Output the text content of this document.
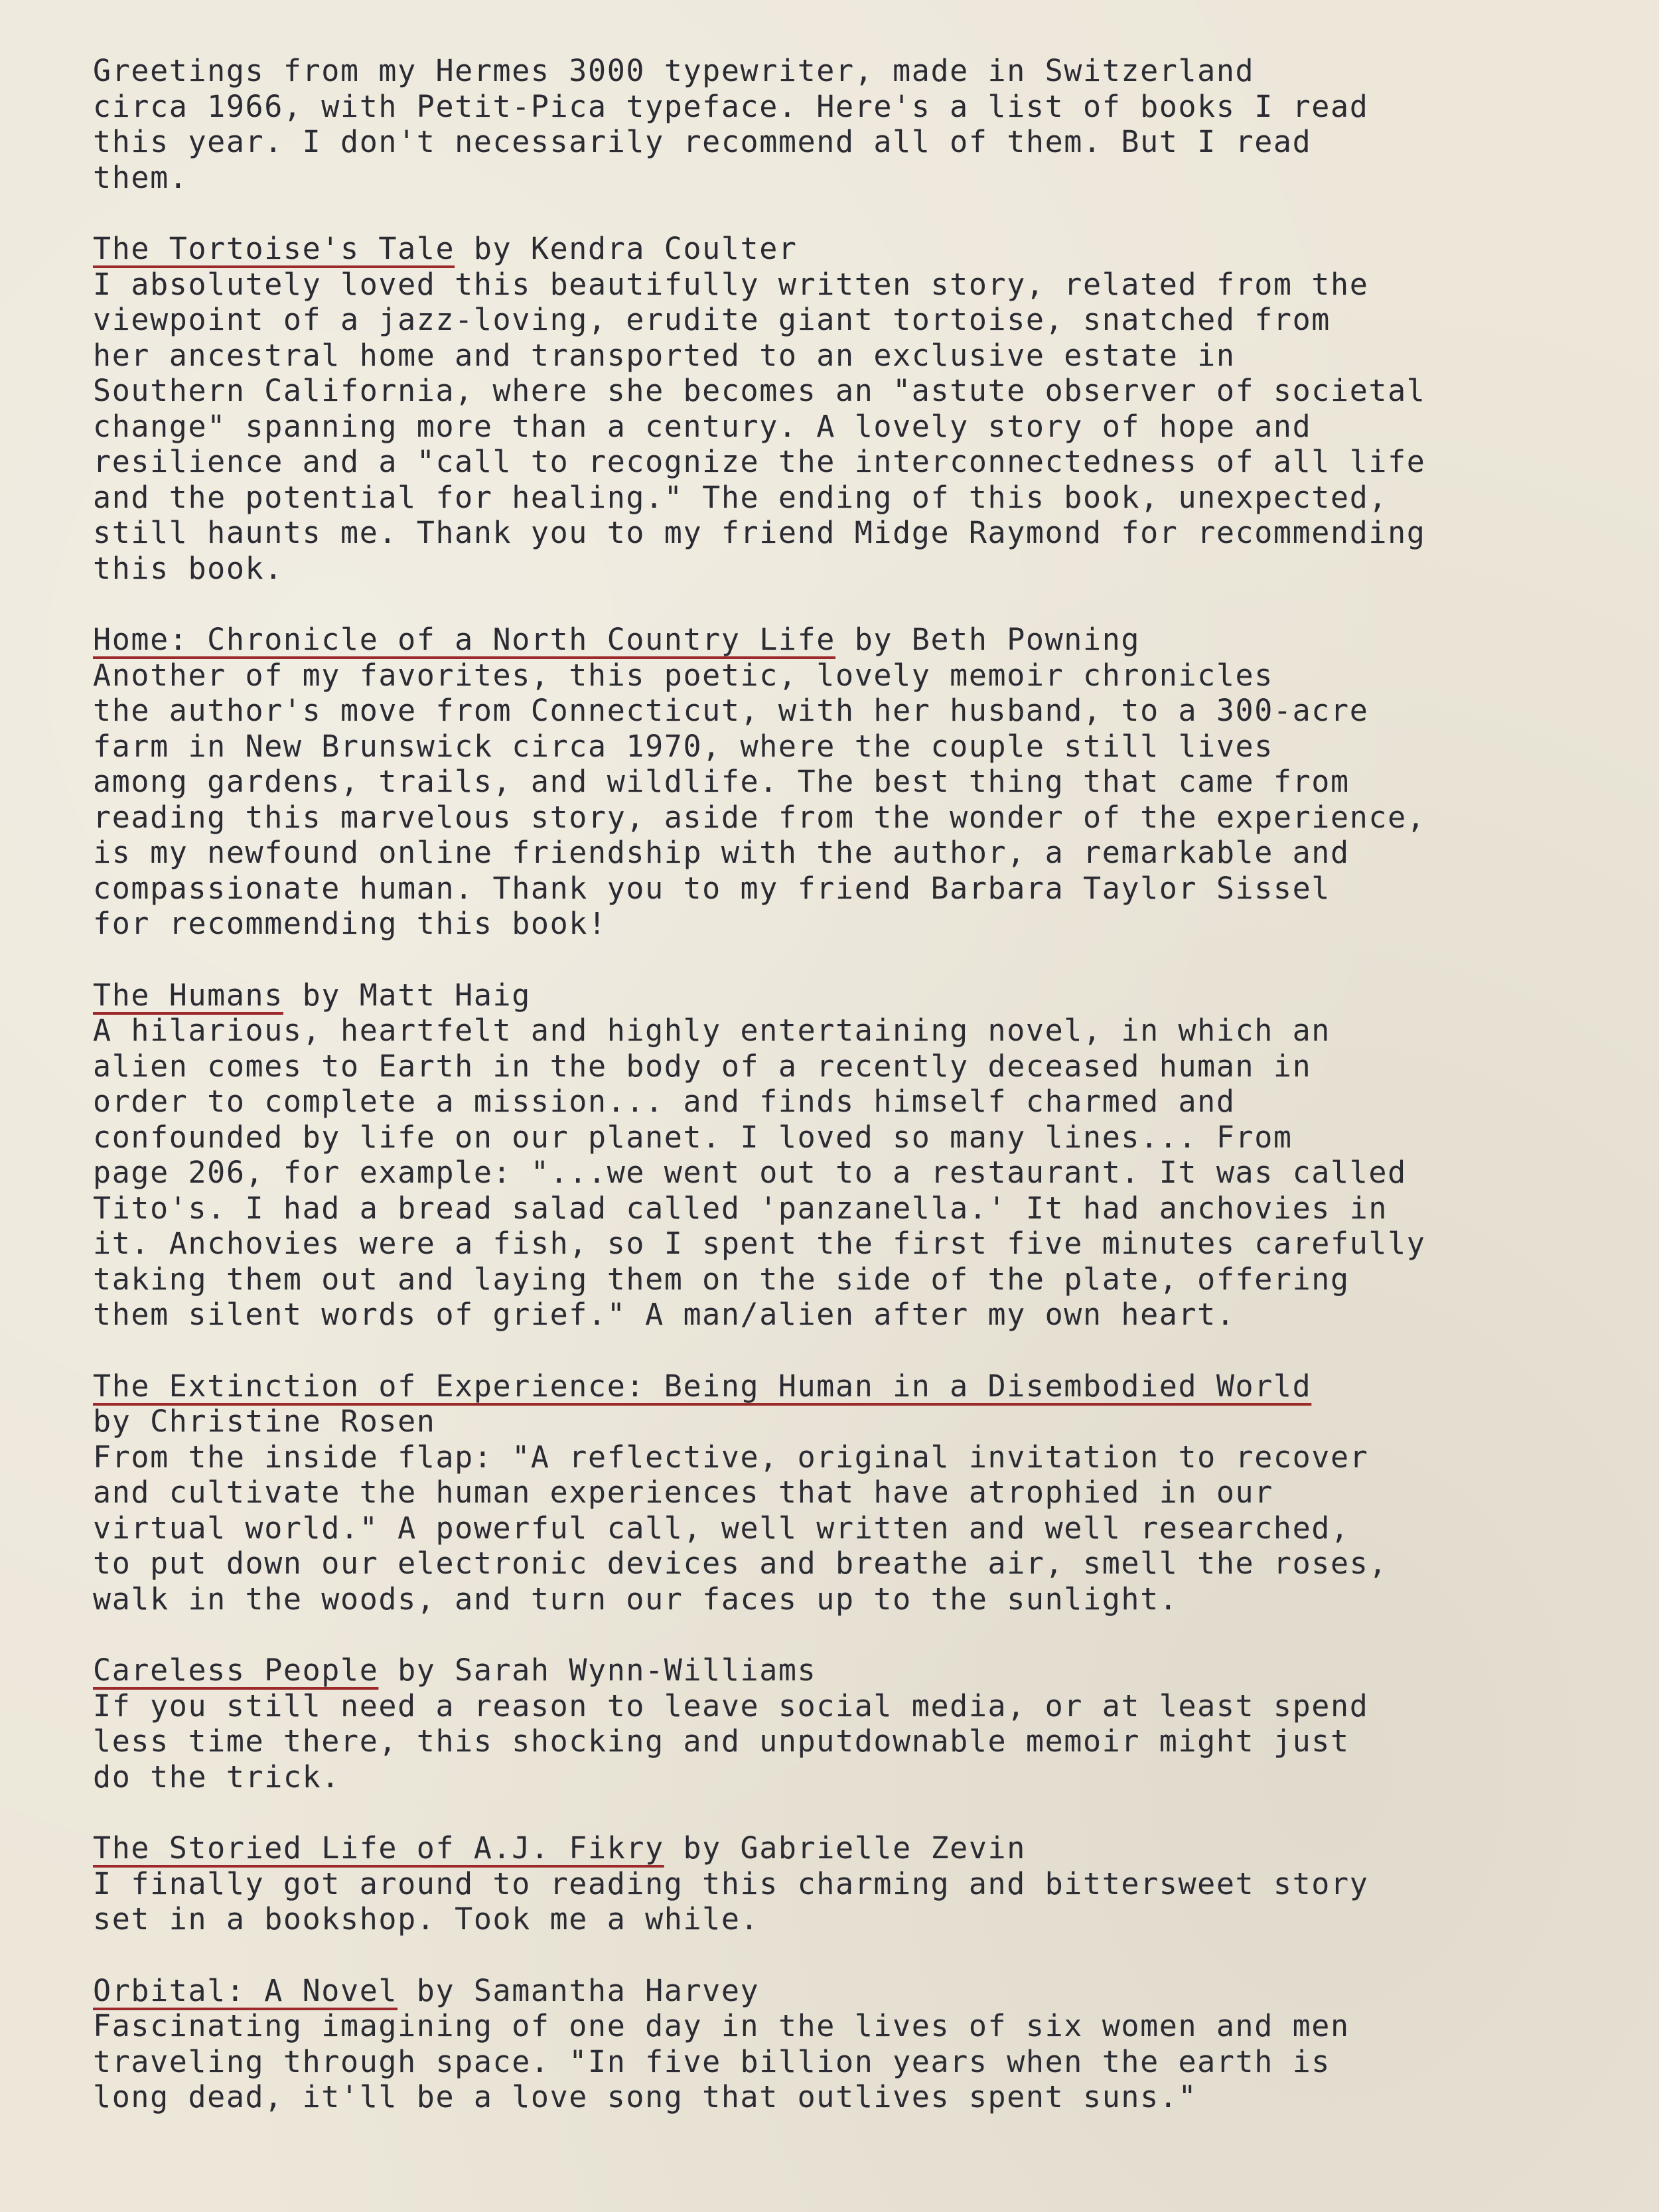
Greetings from my Hermes 3000 typewriter, made in Switzerland

circa 1966, with Petit-Pica typeface. Here's a list of books I read

this year. I don't necessarily recommend all of them. But I read

them.

The Tortoise's Tale by Kendra Coulter

I absolutely loved this beautifully written story, related from the

viewpoint of a jazz-loving, erudite giant tortoise, snatched from

her ancestral home and transported to an exclusive estate in

Southern California, where she becomes an "astute observer of societal

change" spanning more than a century. A lovely story of hope and

resilience and a "call to recognize the interconnectedness of all life

and the potential for healing." The ending of this book, unexpected,

still haunts me. Thank you to my friend Midge Raymond for recommending

this book.

Home: Chronicle of a North Country Life by Beth Powning

Another of my favorites, this poetic, lovely memoir chronicles

the author's move from Connecticut, with her husband, to a 300-acre

farm in New Brunswick circa 1970, where the couple still lives

among gardens, trails, and wildlife. The best thing that came from

reading this marvelous story, aside from the wonder of the experience,

is my newfound online friendship with the author, a remarkable and

compassionate human. Thank you to my friend Barbara Taylor Sissel

for recommending this book!

The Humans by Matt Haig

A hilarious, heartfelt and highly entertaining novel, in which an

alien comes to Earth in the body of a recently deceased human in

order to complete a mission... and finds himself charmed and

confounded by life on our planet. I loved so many lines... From

page 206, for example: "...we went out to a restaurant. It was called

Tito's. I had a bread salad called 'panzanella.' It had anchovies in

it. Anchovies were a fish, so I spent the first five minutes carefully

taking them out and laying them on the side of the plate, offering

them silent words of grief." A man/alien after my own heart.

The Extinction of Experience: Being Human in a Disembodied World

by Christine Rosen

From the inside flap: "A reflective, original invitation to recover

and cultivate the human experiences that have atrophied in our

virtual world." A powerful call, well written and well researched,

to put down our electronic devices and breathe air, smell the roses,

walk in the woods, and turn our faces up to the sunlight.

Careless People by Sarah Wynn-Williams

If you still need a reason to leave social media, or at least spend

less time there, this shocking and unputdownable memoir might just

do the trick.

The Storied Life of A.J. Fikry by Gabrielle Zevin

I finally got around to reading this charming and bittersweet story

set in a bookshop. Took me a while.

Orbital: A Novel by Samantha Harvey

Fascinating imagining of one day in the lives of six women and men

traveling through space. "In five billion years when the earth is

long dead, it'll be a love song that outlives spent suns."
